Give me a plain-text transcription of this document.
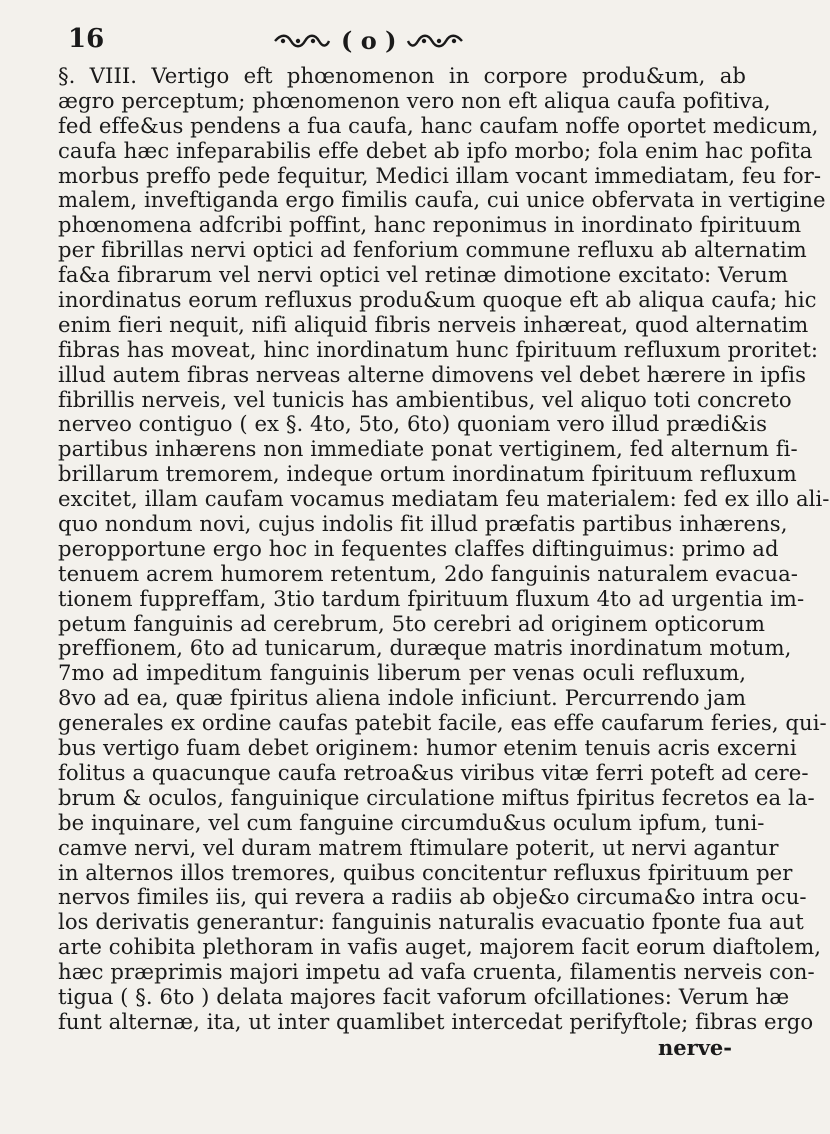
16	( o )
§. VIII. Vertigo eft phœnomenon in corpore produ&um, ab
ægro perceptum; phœnomenon vero non eft aliqua caufa pofitiva,
fed effe&us pendens a fua caufa, hanc caufam noffe oportet medicum,
caufa hæc infeparabilis effe debet ab ipfo morbo; fola enim hac pofita
morbus preffo pede fequitur, Medici illam vocant immediatam, feu for-
malem, inveftiganda ergo fimilis caufa, cui unice obfervata in vertigine
phœnomena adfcribi poffint, hanc reponimus in inordinato fpirituum
per fibrillas nervi optici ad fenforium commune refluxu ab alternatim
fa&a fibrarum vel nervi optici vel retinæ dimotione excitato: Verum
inordinatus eorum refluxus produ&um quoque eft ab aliqua caufa; hic
enim fieri nequit, nifi aliquid fibris nerveis inhæreat, quod alternatim
fibras has moveat, hinc inordinatum hunc fpirituum refluxum proritet:
illud autem fibras nerveas alterne dimovens vel debet hærere in ipfis
fibrillis nerveis, vel tunicis has ambientibus, vel aliquo toti concreto
nerveo contiguo ( ex §. 4to, 5to, 6to) quoniam vero illud prædi&is
partibus inhærens non immediate ponat vertiginem, fed alternum fi-
brillarum tremorem, indeque ortum inordinatum fpirituum refluxum
excitet, illam caufam vocamus mediatam feu materialem: fed ex illo ali-
quo nondum novi, cujus indolis fit illud præfatis partibus inhærens,
peropportune ergo hoc in fequentes claffes diftinguimus: primo ad
tenuem acrem humorem retentum, 2do fanguinis naturalem evacua-
tionem fuppreffam, 3tio tardum fpirituum fluxum 4to ad urgentia im-
petum fanguinis ad cerebrum, 5to cerebri ad originem opticorum
preffionem, 6to ad tunicarum, duræque matris inordinatum motum,
7mo ad impeditum fanguinis liberum per venas oculi refluxum,
8vo ad ea, quæ fpiritus aliena indole inficiunt. Percurrendo jam
generales ex ordine caufas patebit facile, eas effe caufarum feries, qui-
bus vertigo fuam debet originem: humor etenim tenuis acris excerni
folitus a quacunque caufa retroa&us viribus vitæ ferri poteft ad cere-
brum & oculos, fanguinique circulatione miftus fpiritus fecretos ea la-
be inquinare, vel cum fanguine circumdu&us oculum ipfum, tuni-
camve nervi, vel duram matrem ftimulare poterit, ut nervi agantur
in alternos illos tremores, quibus concitentur refluxus fpirituum per
nervos fimiles iis, qui revera a radiis ab obje&o circuma&o intra ocu-
los derivatis generantur: fanguinis naturalis evacuatio fponte fua aut
arte cohibita plethoram in vafis auget, majorem facit eorum diaftolem,
hæc præprimis majori impetu ad vafa cruenta, filamentis nerveis con-
tigua ( §. 6to ) delata majores facit vaforum ofcillationes: Verum hæ
funt alternæ, ita, ut inter quamlibet intercedat perifyftole; fibras ergo
nerve-
